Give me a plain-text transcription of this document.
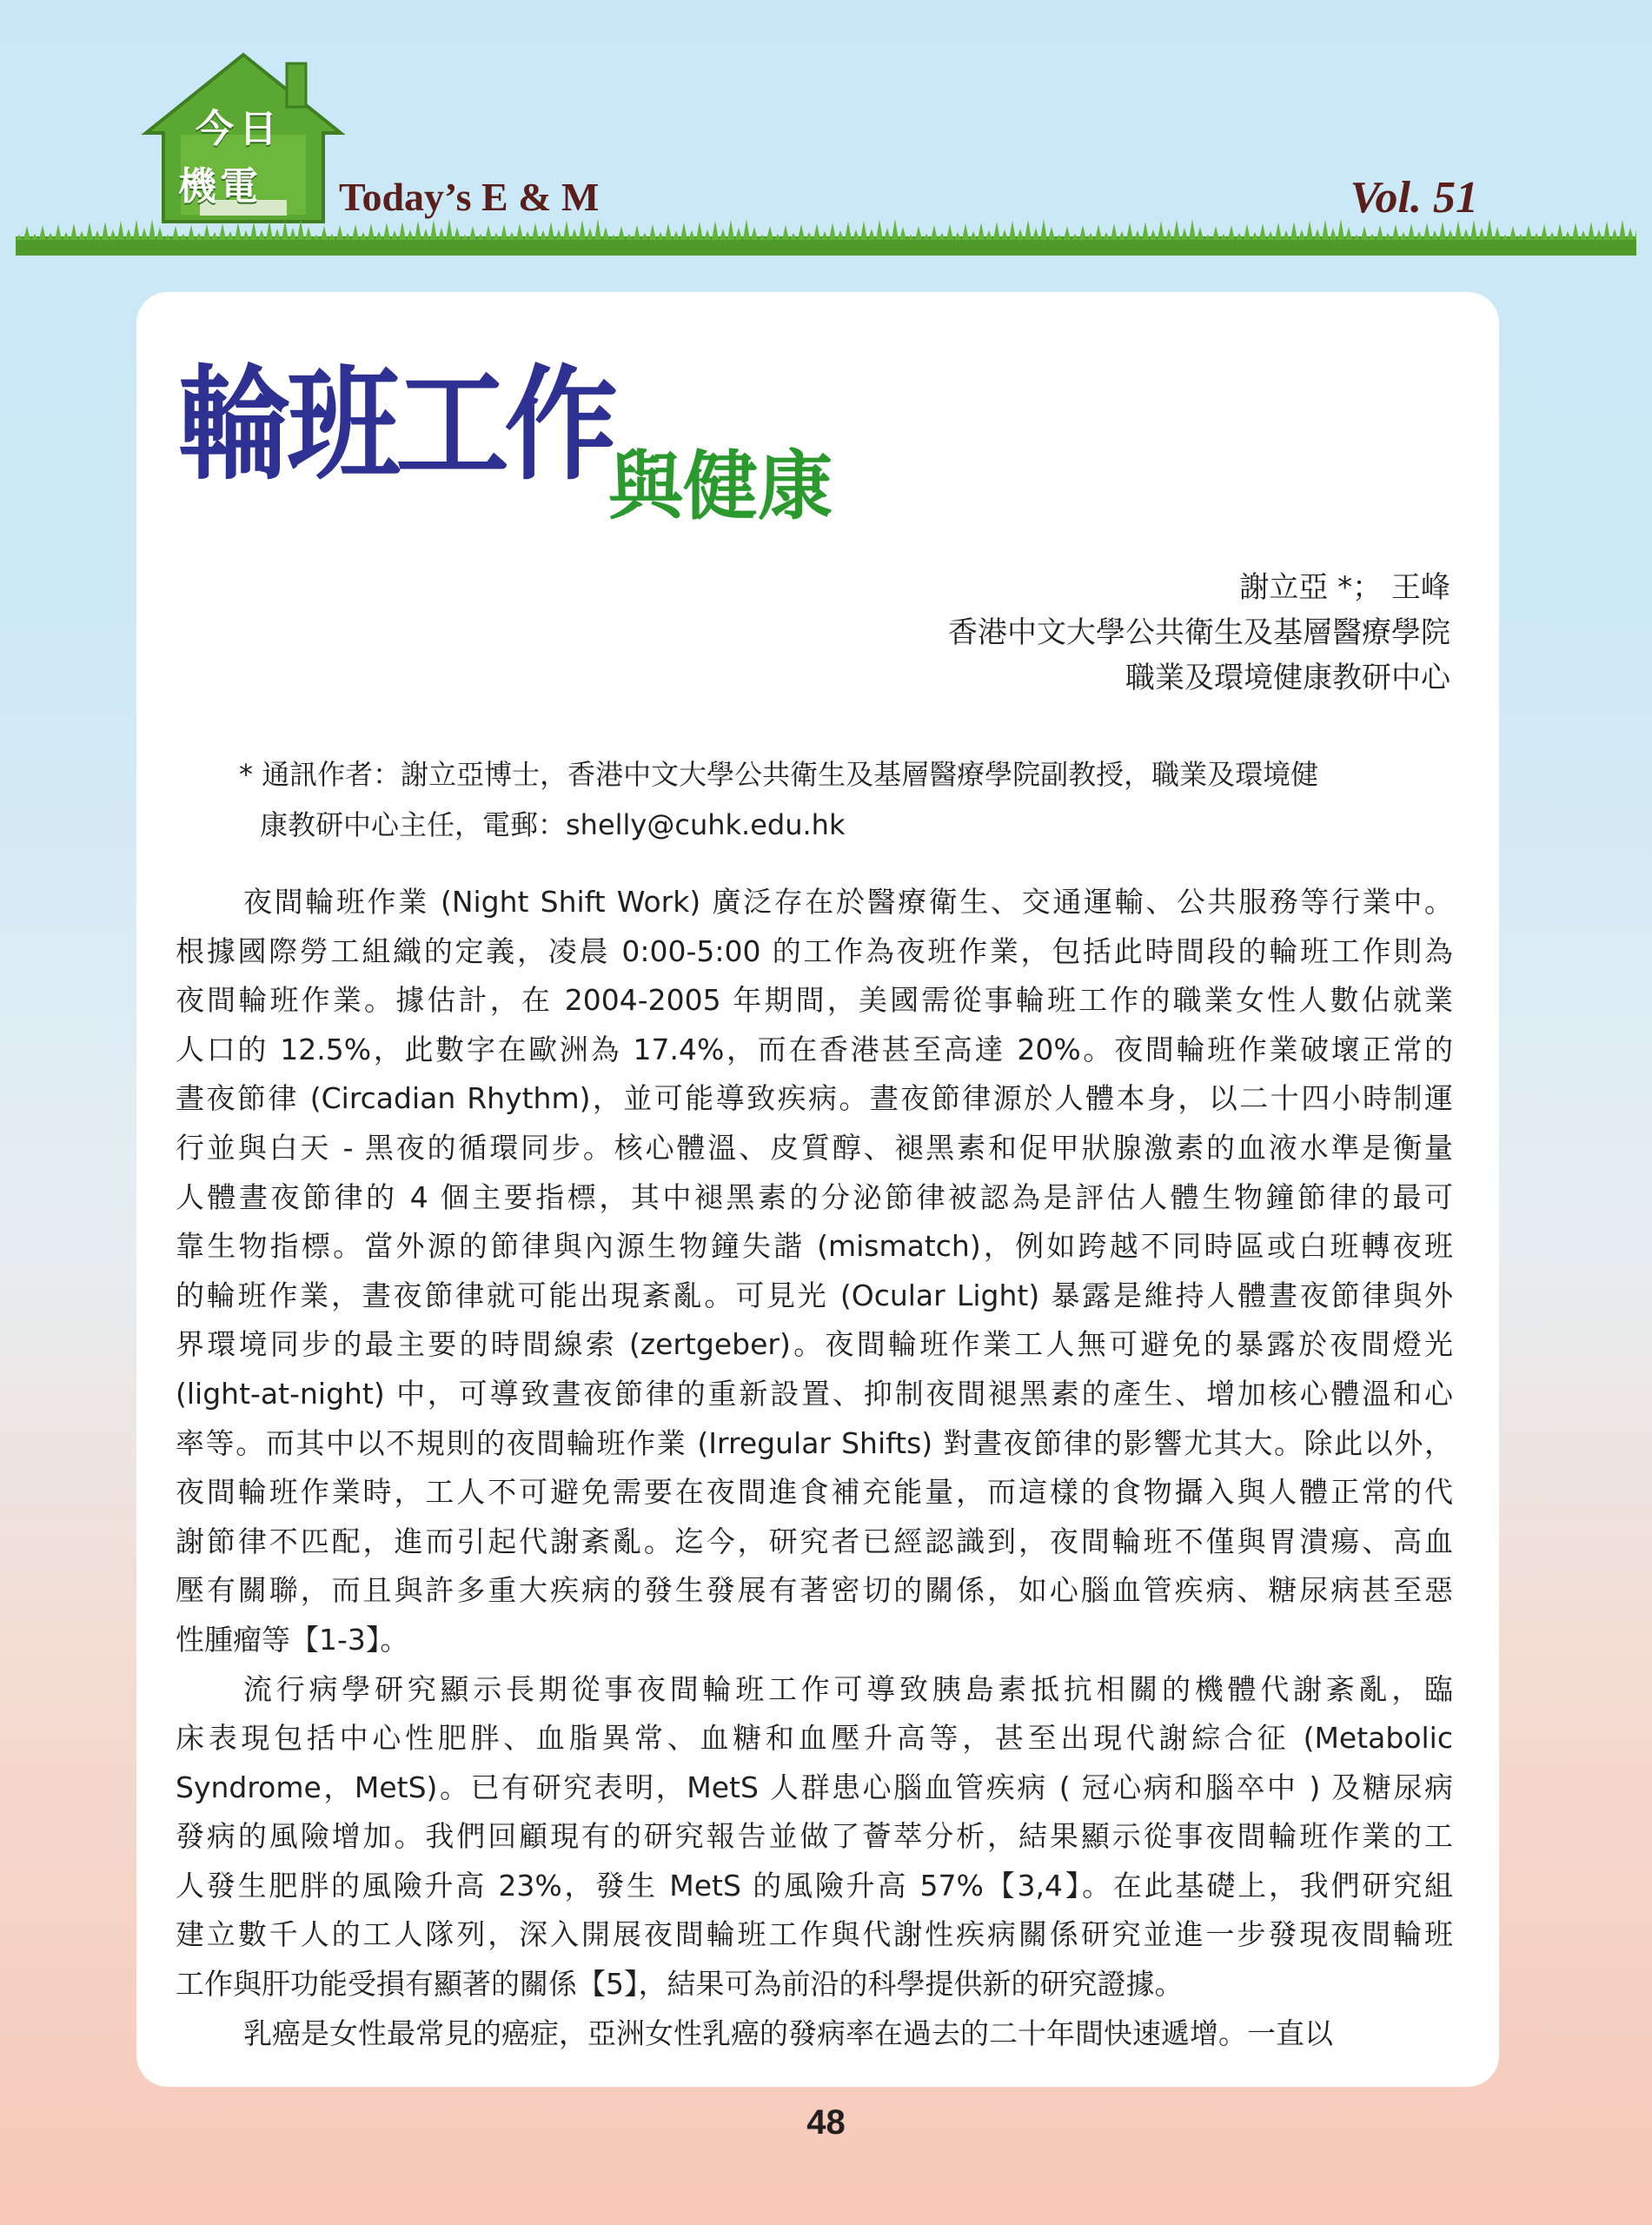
今日
機電 Today’s E & M	Vol. 51
輪班工作
與健康
謝立亞 *； 王峰
香港中文大學公共衛生及基層醫療學院
職業及環境健康教研中心
* 通訊作者：謝立亞博士，香港中文大學公共衛生及基層醫療學院副教授，職業及環境健
康教研中心主任，電郵：shelly@cuhk.edu.hk
夜間輪班作業 (Night Shift Work) 廣泛存在於醫療衛生、交通運輸、公共服務等行業中。
根據國際勞工組織的定義，凌晨 0:00-5:00 的工作為夜班作業，包括此時間段的輪班工作則為
夜間輪班作業。據估計，在 2004-2005 年期間，美國需從事輪班工作的職業女性人數佔就業
人口的 12.5%，此數字在歐洲為 17.4%，而在香港甚至高達 20%。夜間輪班作業破壞正常的
晝夜節律 (Circadian Rhythm)，並可能導致疾病。晝夜節律源於人體本身，以二十四小時制運
行並與白天 - 黑夜的循環同步。核心體溫、皮質醇、褪黑素和促甲狀腺激素的血液水準是衡量
人體晝夜節律的 4 個主要指標，其中褪黑素的分泌節律被認為是評估人體生物鐘節律的最可
靠生物指標。當外源的節律與內源生物鐘失諧 (mismatch)，例如跨越不同時區或白班轉夜班
的輪班作業，晝夜節律就可能出現紊亂。可見光 (Ocular Light) 暴露是維持人體晝夜節律與外
界環境同步的最主要的時間線索 (zertgeber)。夜間輪班作業工人無可避免的暴露於夜間燈光
(light-at-night) 中，可導致晝夜節律的重新設置、抑制夜間褪黑素的產生、增加核心體溫和心
率等。而其中以不規則的夜間輪班作業 (Irregular Shifts) 對晝夜節律的影響尤其大。除此以外，
夜間輪班作業時，工人不可避免需要在夜間進食補充能量，而這樣的食物攝入與人體正常的代
謝節律不匹配，進而引起代謝紊亂。迄今，研究者已經認識到，夜間輪班不僅與胃潰瘍、高血
壓有關聯，而且與許多重大疾病的發生發展有著密切的關係，如心腦血管疾病、糖尿病甚至惡
性腫瘤等【1-3】。
流行病學研究顯示長期從事夜間輪班工作可導致胰島素抵抗相關的機體代謝紊亂，臨
床表現包括中心性肥胖、血脂異常、血糖和血壓升高等，甚至出現代謝綜合征 (Metabolic
Syndrome，MetS)。已有研究表明，MetS 人群患心腦血管疾病 ( 冠心病和腦卒中 ) 及糖尿病
發病的風險增加。我們回顧現有的研究報告並做了薈萃分析，結果顯示從事夜間輪班作業的工
人發生肥胖的風險升高 23%，發生 MetS 的風險升高 57%【3,4】。在此基礎上，我們研究組
建立數千人的工人隊列，深入開展夜間輪班工作與代謝性疾病關係研究並進一步發現夜間輪班
工作與肝功能受損有顯著的關係【5】，結果可為前沿的科學提供新的研究證據。
乳癌是女性最常見的癌症，亞洲女性乳癌的發病率在過去的二十年間快速遞增。一直以
48
